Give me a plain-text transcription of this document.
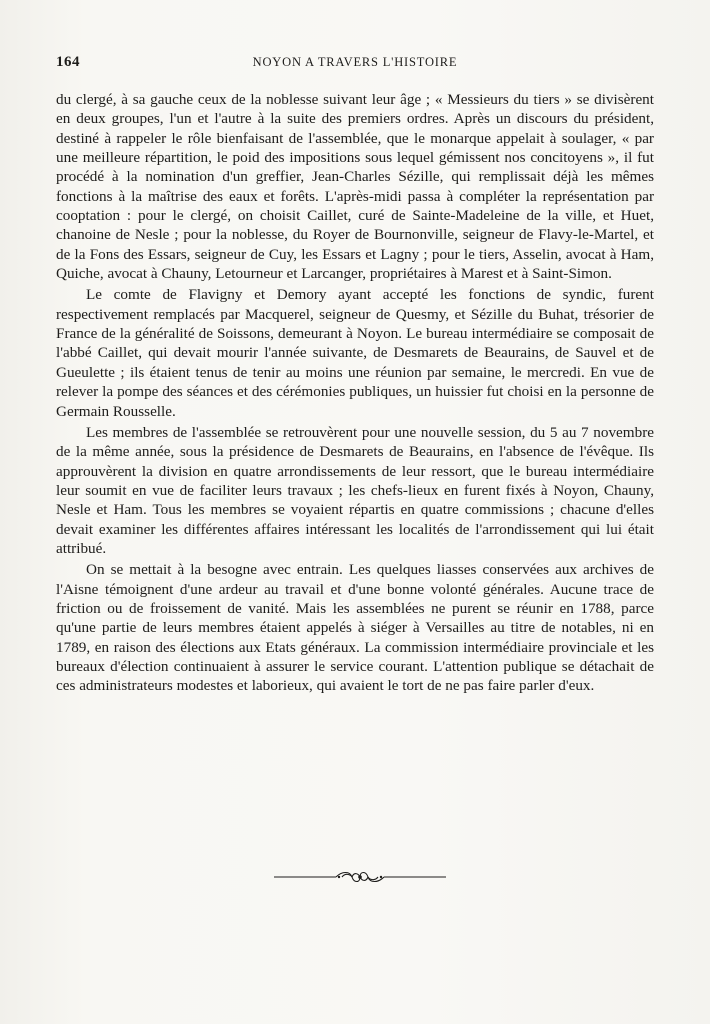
164	NOYON A TRAVERS L'HISTOIRE

du clergé, à sa gauche ceux de la noblesse suivant leur âge ; « Messieurs du tiers » se divisèrent en deux groupes, l'un et l'autre à la suite des premiers ordres. Après un discours du président, destiné à rappeler le rôle bienfaisant de l'assemblée, que le monarque appelait à soulager, « par une meilleure répartition, le poid des impositions sous lequel gémissent nos concitoyens », il fut procédé à la nomination d'un greffier, Jean-Charles Sézille, qui remplissait déjà les mêmes fonctions à la maîtrise des eaux et forêts. L'après-midi passa à compléter la représentation par cooptation : pour le clergé, on choisit Caillet, curé de Sainte-Madeleine de la ville, et Huet, chanoine de Nesle ; pour la noblesse, du Royer de Bournonville, seigneur de Flavy-le-Martel, et de la Fons des Essars, seigneur de Cuy, les Essars et Lagny ; pour le tiers, Asselin, avocat à Ham, Quiche, avocat à Chauny, Letourneur et Larcanger, propriétaires à Marest et à Saint-Simon.

Le comte de Flavigny et Demory ayant accepté les fonctions de syndic, furent respectivement remplacés par Macquerel, seigneur de Quesmy, et Sézille du Buhat, trésorier de France de la généralité de Soissons, demeurant à Noyon. Le bureau intermédiaire se composait de l'abbé Caillet, qui devait mourir l'année suivante, de Desmarets de Beaurains, de Sauvel et de Gueulette ; ils étaient tenus de tenir au moins une réunion par semaine, le mercredi. En vue de relever la pompe des séances et des cérémonies publiques, un huissier fut choisi en la personne de Germain Rousselle.

Les membres de l'assemblée se retrouvèrent pour une nouvelle session, du 5 au 7 novembre de la même année, sous la présidence de Desmarets de Beaurains, en l'absence de l'évêque. Ils approuvèrent la division en quatre arrondissements de leur ressort, que le bureau intermédiaire leur soumit en vue de faciliter leurs travaux ; les chefs-lieux en furent fixés à Noyon, Chauny, Nesle et Ham. Tous les membres se voyaient répartis en quatre commissions ; chacune d'elles devait examiner les différentes affaires intéressant les localités de l'arrondissement qui lui était attribué.

On se mettait à la besogne avec entrain. Les quelques liasses conservées aux archives de l'Aisne témoignent d'une ardeur au travail et d'une bonne volonté générales. Aucune trace de friction ou de froissement de vanité. Mais les assemblées ne purent se réunir en 1788, parce qu'une partie de leurs membres étaient appelés à siéger à Versailles au titre de notables, ni en 1789, en raison des élections aux Etats généraux. La commission intermédiaire provinciale et les bureaux d'élection continuaient à assurer le service courant. L'attention publique se détachait de ces administrateurs modestes et laborieux, qui avaient le tort de ne pas faire parler d'eux.
